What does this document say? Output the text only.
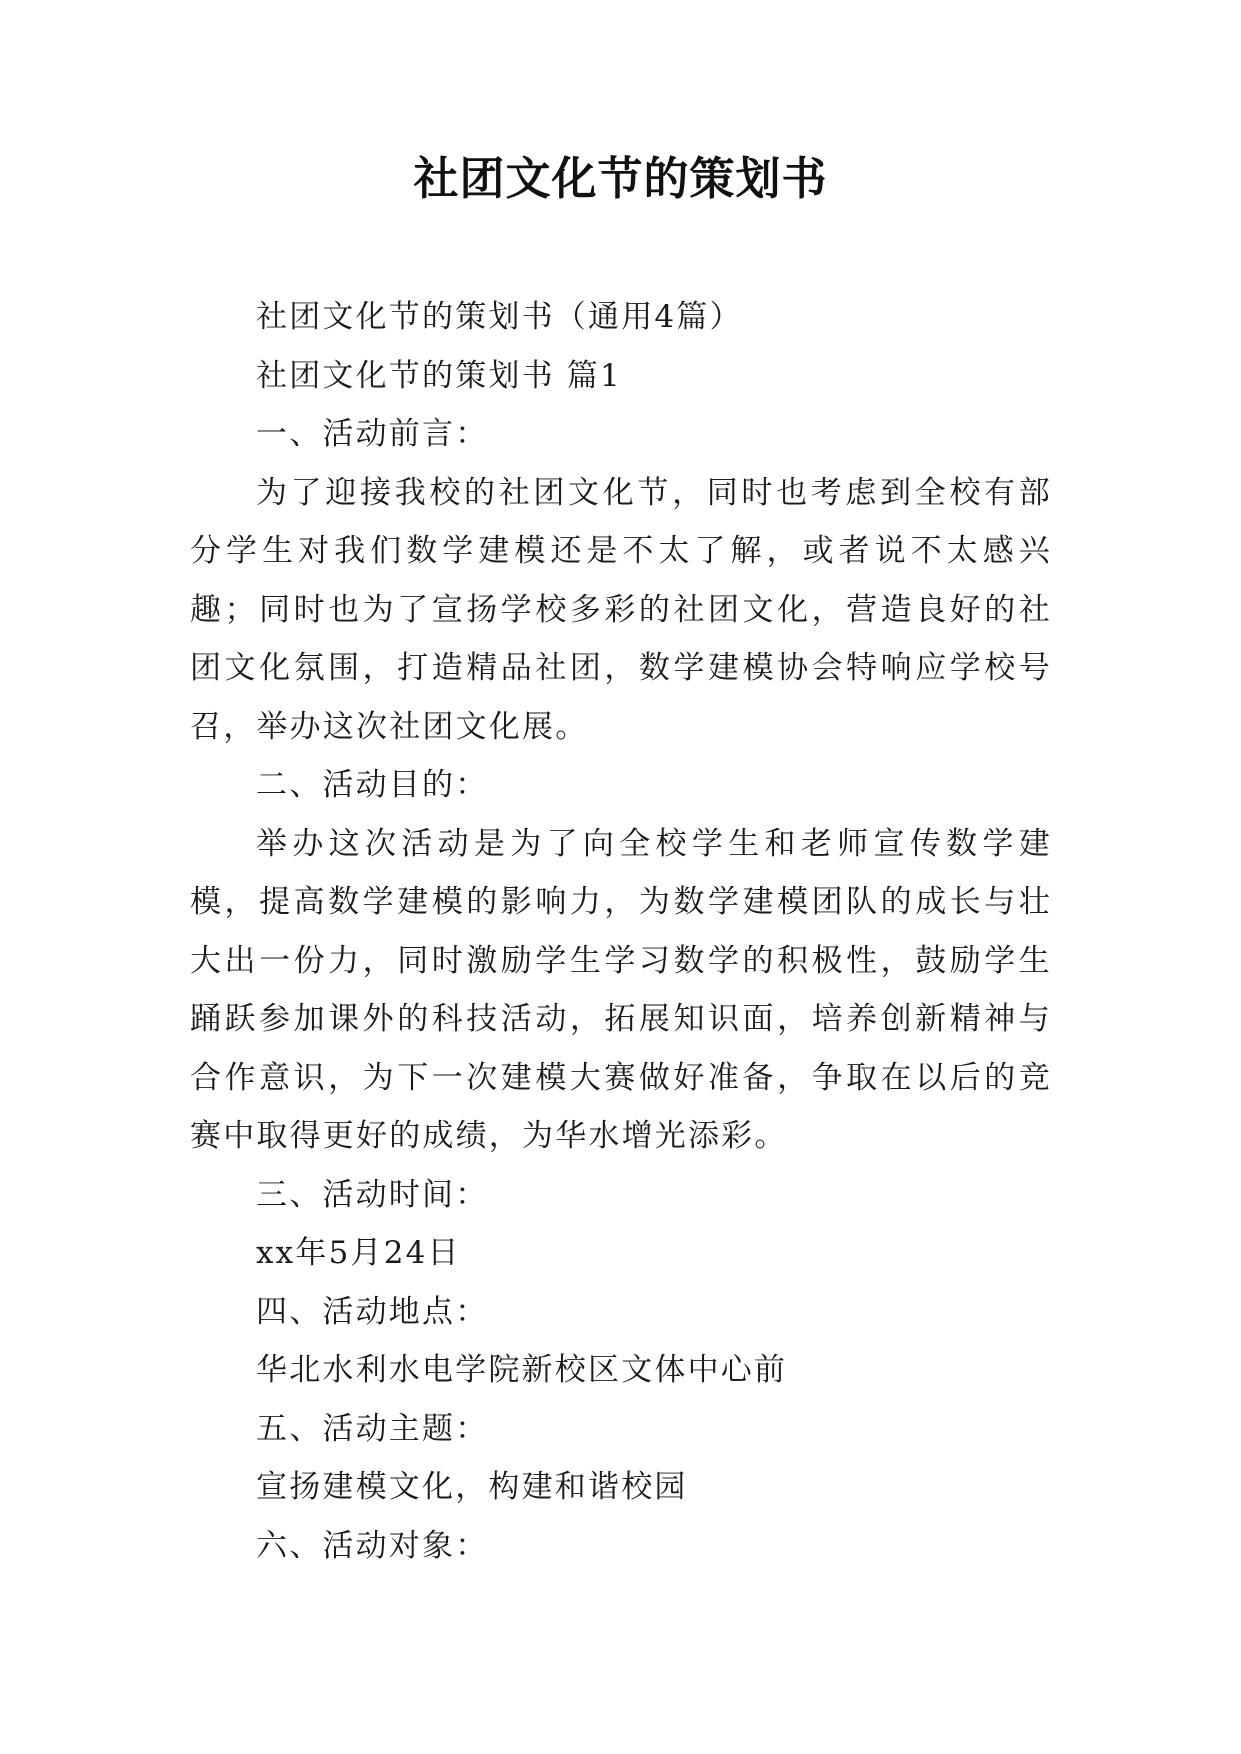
社团文化节的策划书

社团文化节的策划书（通用4篇）

社团文化节的策划书 篇1

一、活动前言：

为了迎接我校的社团文化节，同时也考虑到全校有部分学生对我们数学建模还是不太了解，或者说不太感兴趣；同时也为了宣扬学校多彩的社团文化，营造良好的社团文化氛围，打造精品社团，数学建模协会特响应学校号召，举办这次社团文化展。

二、活动目的：

举办这次活动是为了向全校学生和老师宣传数学建模，提高数学建模的影响力，为数学建模团队的成长与壮大出一份力，同时激励学生学习数学的积极性，鼓励学生踊跃参加课外的科技活动，拓展知识面，培养创新精神与合作意识，为下一次建模大赛做好准备，争取在以后的竞赛中取得更好的成绩，为华水增光添彩。

三、活动时间：

xx年5月24日

四、活动地点：

华北水利水电学院新校区文体中心前

五、活动主题：

宣扬建模文化，构建和谐校园

六、活动对象：
